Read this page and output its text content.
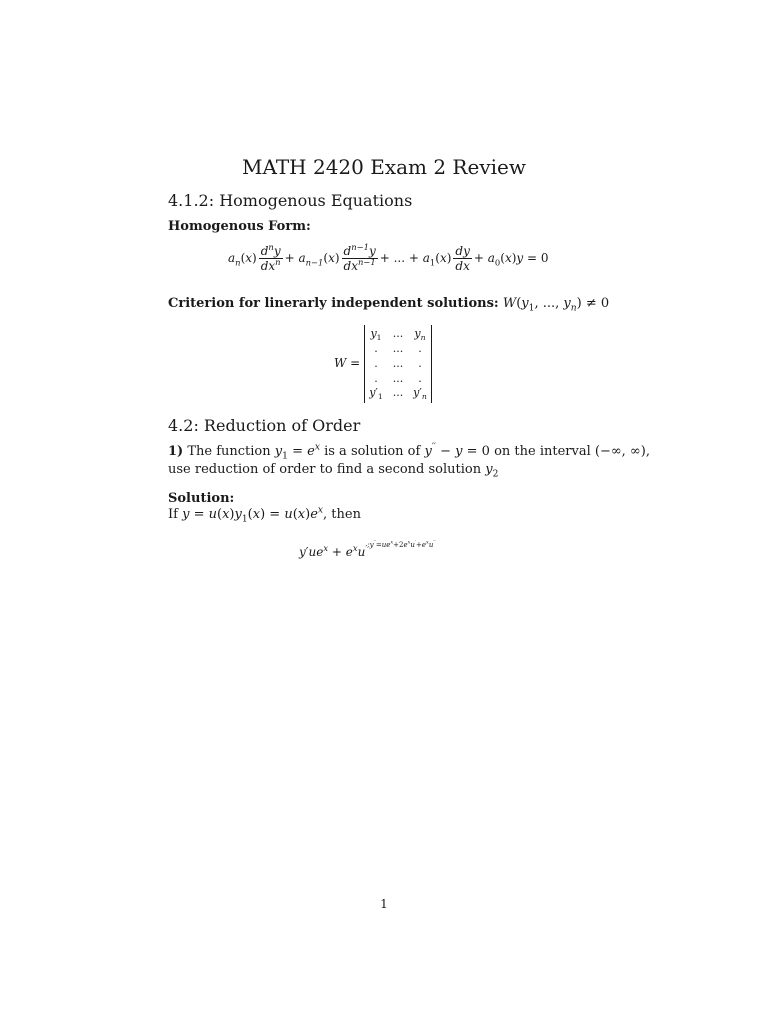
MATH 2420 Exam 2 Review
4.1.2: Homogenous Equations
Homogenous Form:
$a_n(x) \frac{d^ny}{dx^n} + a_{n-1}(x) \frac{d^{n-1}y}{dx^{n-1}}$ + ... + $a_1(x) \frac{dy}{dx} + a_0(x)y = 0$
Criterion for linerarly independent solutions: $W(y_1$, ..., $y_n) \ne 0$
W =
$y_1$	...	$y_n$
.	...	.
.	...	.
.	...	.
$y'_1$ ... $y'_n$
4.2: Reduction of Order
1) The function $y_1 = e^x$ is a solution of y′′ − y = 0 on the interval (−∞, ∞),
use reduction of order to find a second solution $y_2$
Solution:
If $y = u(x)y_1(x) = u(x)e^x$, then
$y'ue^x + e^xu^{';y''=ue^x+2e^xu'+e^xu''}$
1
